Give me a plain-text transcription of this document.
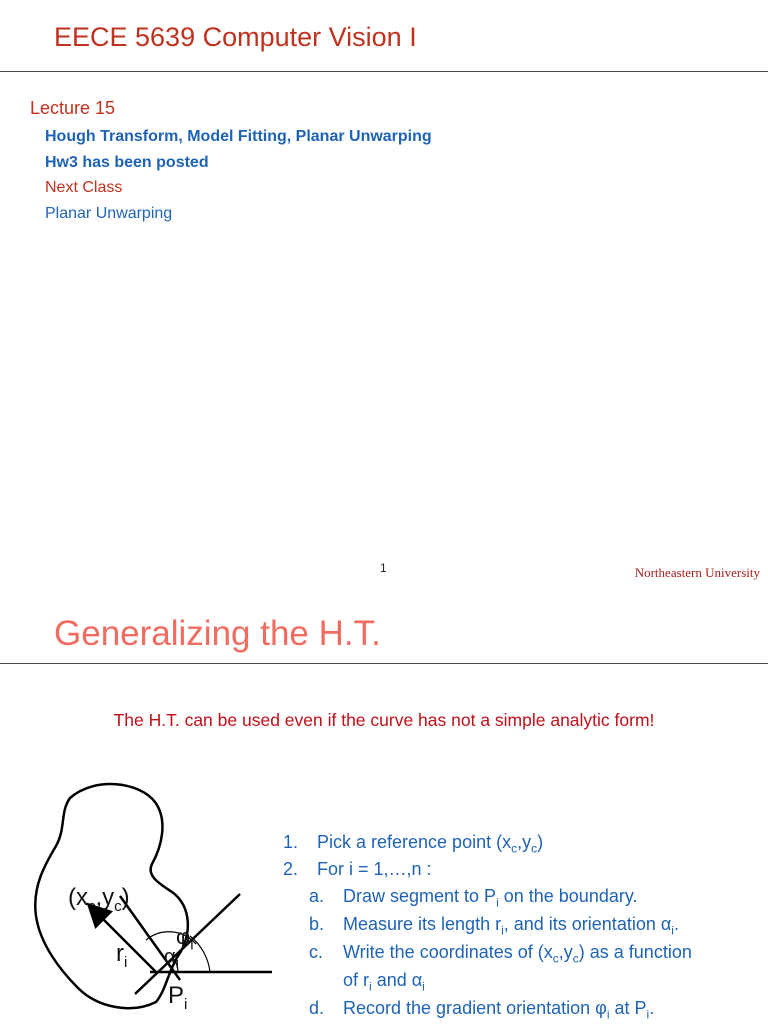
EECE 5639 Computer Vision I
Lecture 15
Hough Transform, Model Fitting, Planar Unwarping
Hw3 has been posted
Next Class
Planar Unwarping
1	Northeastern University
Generalizing the H.T.
The H.T. can be used even if the curve has not a simple analytic form!
$(x_c,y_c)$
$r_i$
$\varphi_i$
$\alpha_i$
$P_i$
1. Pick a reference point $(x_c,y_c)$
2. For i = 1,…,n :
a. Draw segment to $P_i$ on the boundary.
b. Measure its length $r_i$, and its orientation $\alpha_i$.
c. Write the coordinates of $(x_c,y_c)$ as a function
of $r_i$ and $\alpha_i$
d. Record the gradient orientation $\varphi_i$ at $P_i$.
